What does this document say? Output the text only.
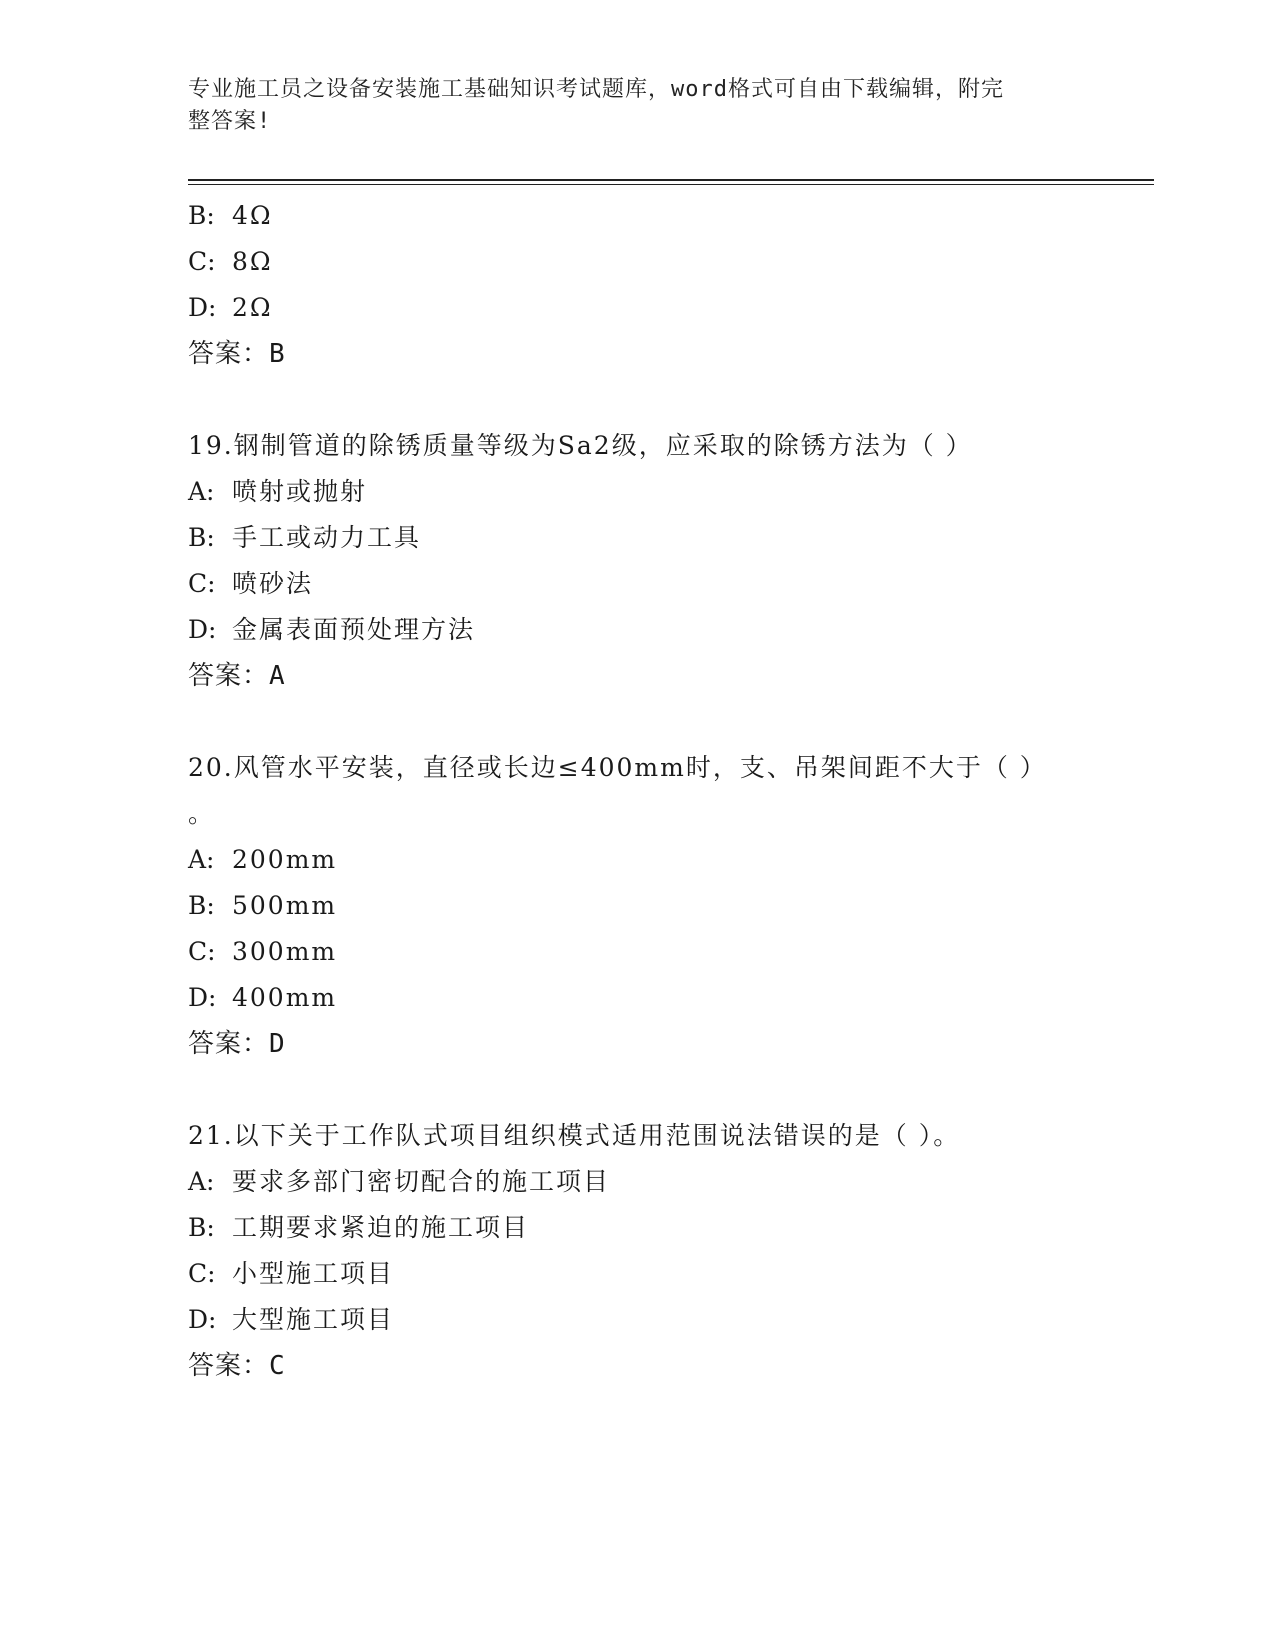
专业施工员之设备安装施工基础知识考试题库，word格式可自由下载编辑，附完
整答案!
B: 4Ω
C: 8Ω
D: 2Ω
答案：B
19.钢制管道的除锈质量等级为Sa2级，应采取的除锈方法为（ ）
A: 喷射或抛射
B: 手工或动力工具
C: 喷砂法
D: 金属表面预处理方法
答案：A
20.风管水平安装，直径或长边≤400mm时，支、吊架间距不大于（ ）
。
A: 200mm
B: 500mm
C: 300mm
D: 400mm
答案：D
21.以下关于工作队式项目组织模式适用范围说法错误的是（ ）。
A: 要求多部门密切配合的施工项目
B: 工期要求紧迫的施工项目
C: 小型施工项目
D: 大型施工项目
答案：C
